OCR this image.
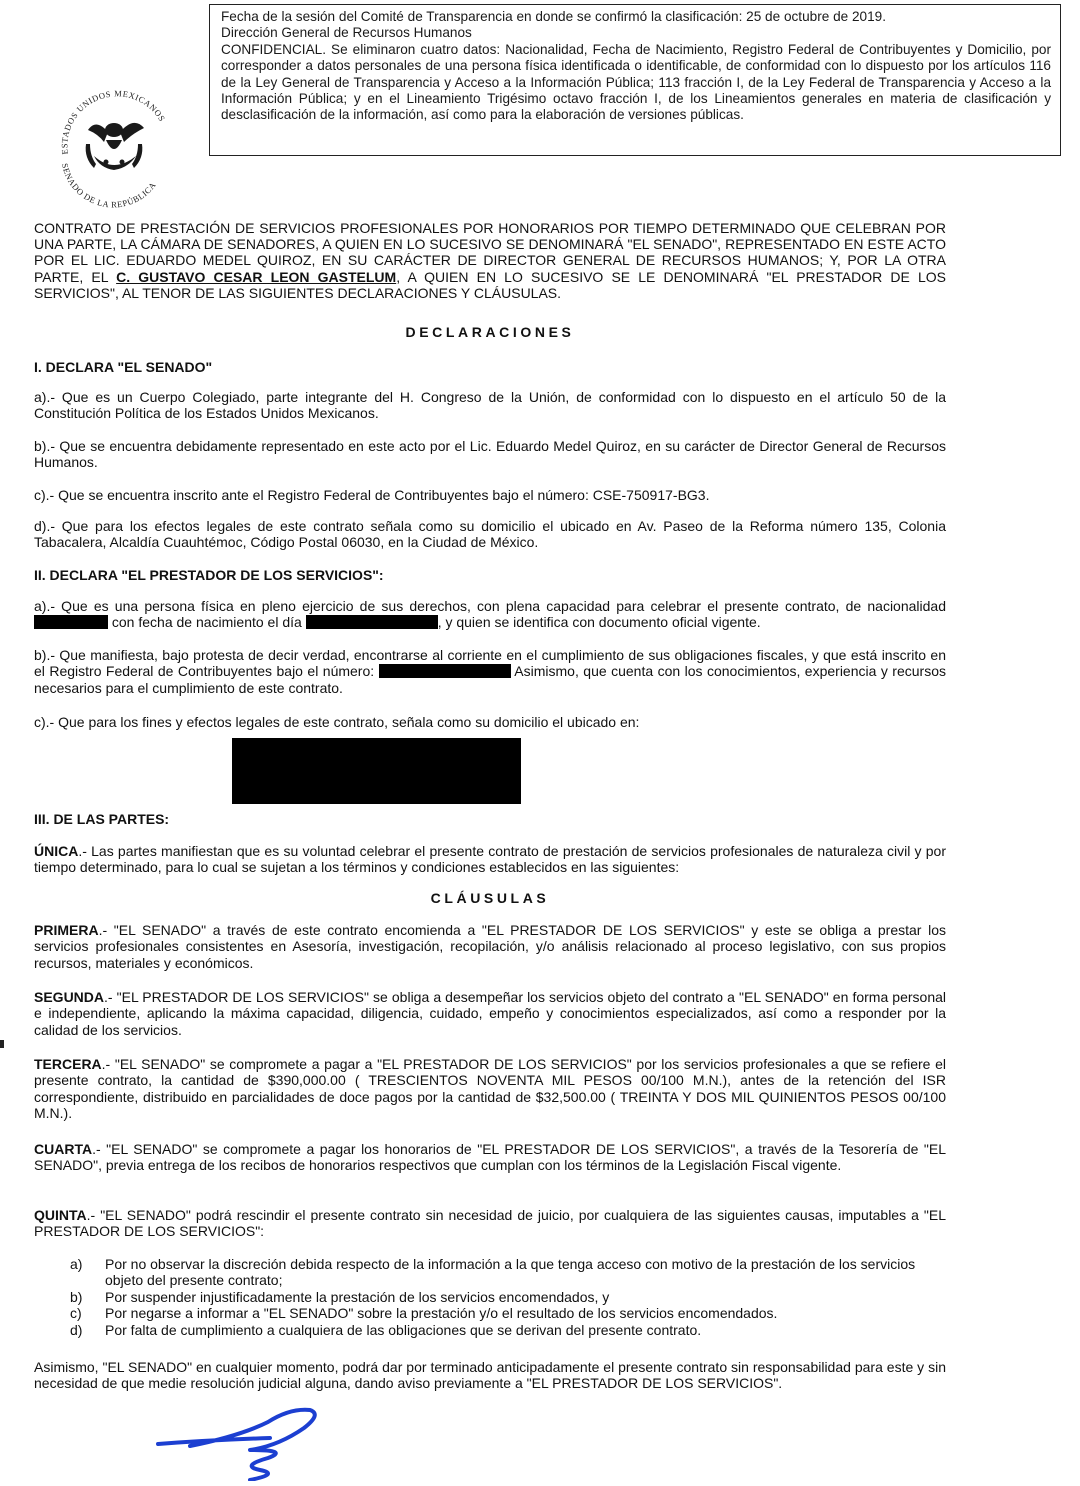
ESTADOS UNIDOS MEXICANOS
SENADO DE LA REPÚBLICA
Fecha de la sesión del Comité de Transparencia en donde se confirmó la clasificación: 25 de octubre de 2019.
Dirección General de Recursos Humanos
CONFIDENCIAL. Se eliminaron cuatro datos: Nacionalidad, Fecha de Nacimiento, Registro Federal de Contribuyentes y Domicilio, por corresponder a datos personales de una persona física identificada o identificable, de conformidad con lo dispuesto por los artículos 116 de la Ley General de Transparencia y Acceso a la Información Pública; 113 fracción I, de la Ley Federal de Transparencia y Acceso a la Información Pública; y en el Lineamiento Trigésimo octavo fracción I, de los Lineamientos generales en materia de clasificación y desclasificación de la información, así como para la elaboración de versiones públicas.
CONTRATO DE PRESTACIÓN DE SERVICIOS PROFESIONALES POR HONORARIOS POR TIEMPO DETERMINADO QUE CELEBRAN POR UNA PARTE, LA CÁMARA DE SENADORES, A QUIEN EN LO SUCESIVO SE DENOMINARÁ "EL SENADO", REPRESENTADO EN ESTE ACTO POR EL LIC. EDUARDO MEDEL QUIROZ, EN SU CARÁCTER DE DIRECTOR GENERAL DE RECURSOS HUMANOS; Y, POR LA OTRA PARTE, EL C. GUSTAVO CESAR LEON GASTELUM, A QUIEN EN LO SUCESIVO SE LE DENOMINARÁ "EL PRESTADOR DE LOS SERVICIOS", AL TENOR DE LAS SIGUIENTES DECLARACIONES Y CLÁUSULAS.
DECLARACIONES
I. DECLARA "EL SENADO"
a).- Que es un Cuerpo Colegiado, parte integrante del H. Congreso de la Unión, de conformidad con lo dispuesto en el artículo 50 de la Constitución Política de los Estados Unidos Mexicanos.
b).- Que se encuentra debidamente representado en este acto por el Lic. Eduardo Medel Quiroz, en su carácter de Director General de Recursos Humanos.
c).- Que se encuentra inscrito ante el Registro Federal de Contribuyentes bajo el número: CSE-750917-BG3.
d).- Que para los efectos legales de este contrato señala como su domicilio el ubicado en Av. Paseo de la Reforma número 135, Colonia Tabacalera, Alcaldía Cuauhtémoc, Código Postal 06030, en la Ciudad de México.
II. DECLARA "EL PRESTADOR DE LOS SERVICIOS":
a).- Que es una persona física en pleno ejercicio de sus derechos, con plena capacidad para celebrar el presente contrato, de nacionalidad  con fecha de nacimiento el día	, y quien se identifica con documento oficial vigente.
b).- Que manifiesta, bajo protesta de decir verdad, encontrarse al corriente en el cumplimiento de sus obligaciones fiscales, y que está inscrito en el Registro Federal de Contribuyentes bajo el número:	Asimismo, que cuenta con los conocimientos, experiencia y recursos necesarios para el cumplimiento de este contrato.
c).- Que para los fines y efectos legales de este contrato, señala como su domicilio el ubicado en:
III. DE LAS PARTES:
ÚNICA.- Las partes manifiestan que es su voluntad celebrar el presente contrato de prestación de servicios profesionales de naturaleza civil y por tiempo determinado, para lo cual se sujetan a los términos y condiciones establecidos en las siguientes:
CLÁUSULAS
PRIMERA.- "EL SENADO" a través de este contrato encomienda a "EL PRESTADOR DE LOS SERVICIOS" y este se obliga a prestar los servicios profesionales consistentes en Asesoría, investigación, recopilación, y/o análisis relacionado al proceso legislativo, con sus propios recursos, materiales y económicos.
SEGUNDA.- "EL PRESTADOR DE LOS SERVICIOS" se obliga a desempeñar los servicios objeto del contrato a "EL SENADO" en forma personal e independiente, aplicando la máxima capacidad, diligencia, cuidado, empeño y conocimientos especializados, así como a responder por la calidad de los servicios.
TERCERA.- "EL SENADO" se compromete a pagar a "EL PRESTADOR DE LOS SERVICIOS" por los servicios profesionales a que se refiere el presente contrato, la cantidad de $390,000.00 ( TRESCIENTOS NOVENTA MIL PESOS 00/100 M.N.), antes de la retención del ISR correspondiente, distribuido en parcialidades de doce pagos por la cantidad de $32,500.00 ( TREINTA Y DOS MIL QUINIENTOS PESOS 00/100 M.N.).
CUARTA.- "EL SENADO" se compromete a pagar los honorarios de "EL PRESTADOR DE LOS SERVICIOS", a través de la Tesorería de "EL SENADO", previa entrega de los recibos de honorarios respectivos que cumplan con los términos de la Legislación Fiscal vigente.
QUINTA.- "EL SENADO" podrá rescindir el presente contrato sin necesidad de juicio, por cualquiera de las siguientes causas, imputables a "EL PRESTADOR DE LOS SERVICIOS":
a)	Por no observar la discreción debida respecto de la información a la que tenga acceso con motivo de la prestación de los servicios objeto del presente contrato;
b)	Por suspender injustificadamente la prestación de los servicios encomendados, y
c)	Por negarse a informar a "EL SENADO" sobre la prestación y/o el resultado de los servicios encomendados.
d)	Por falta de cumplimiento a cualquiera de las obligaciones que se derivan del presente contrato.
Asimismo, "EL SENADO" en cualquier momento, podrá dar por terminado anticipadamente el presente contrato sin responsabilidad para este y sin necesidad de que medie resolución judicial alguna, dando aviso previamente a "EL PRESTADOR DE LOS SERVICIOS".
